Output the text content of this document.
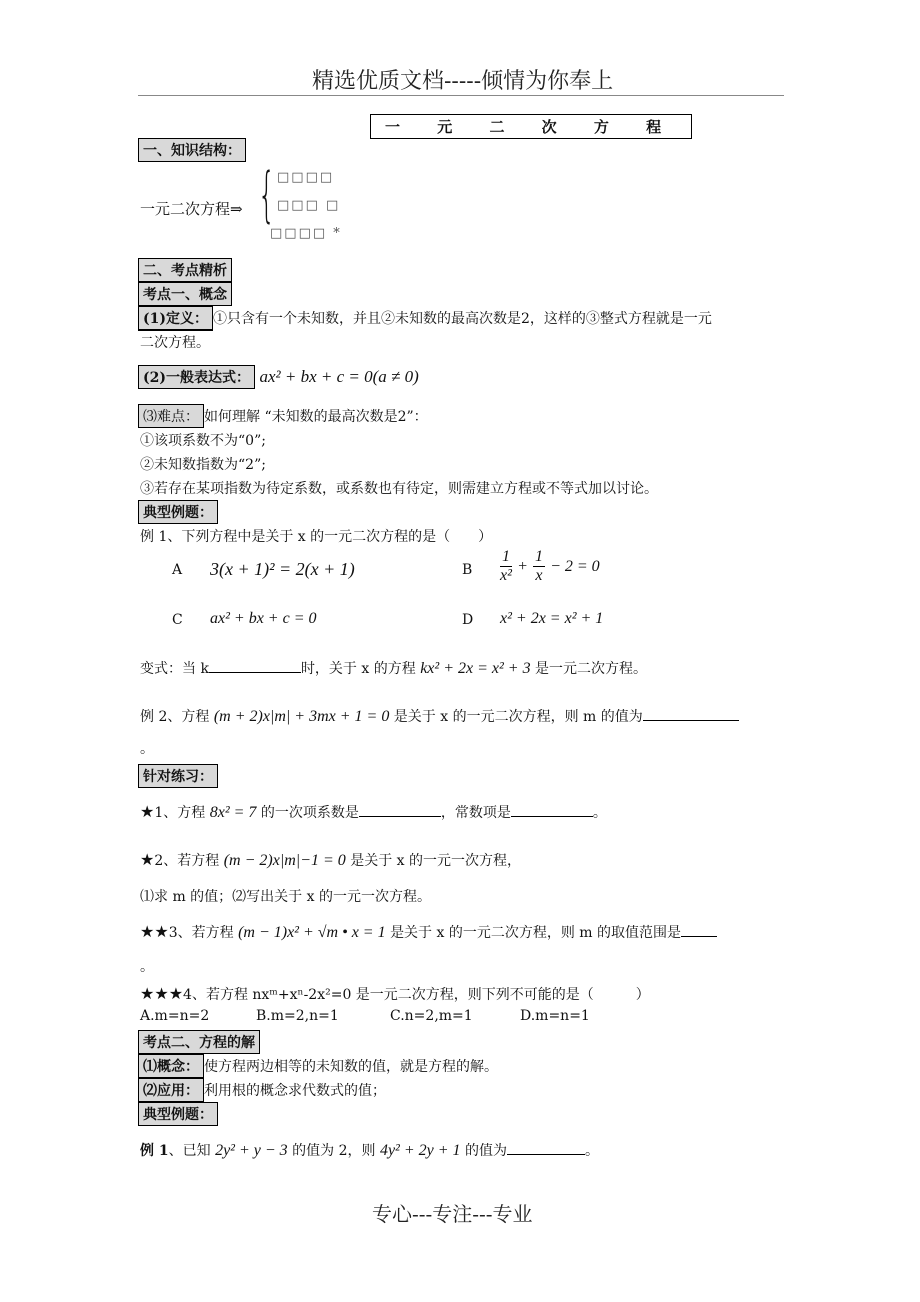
精选优质文档-----倾情为你奉上
一 元 二 次 方 程
一、知识结构：
一元二次方程⇒ { □□□□
□□□ □
□□□□ *
二、考点精析
考点一、概念
(1)定义： ①只含有一个未知数，并且②未知数的最高次数是2，这样的③整式方程就是一元
二次方程。
(2)一般表达式： ax² + bx + c = 0(a ≠ 0)
⑶难点： 如何理解 “未知数的最高次数是2”：
①该项系数不为“0”;
②未知数指数为“2”;
③若存在某项指数为待定系数，或系数也有待定，则需建立方程或不等式加以讨论。
典型例题：
例 1、下列方程中是关于 x 的一元二次方程的是（　　）
A 3(x + 1)² = 2(x + 1)	B $\frac{1}{\text{x²}} + \frac{1}{x} - 2 = 0$
C ax² + bx + c = 0	D x² + 2x = x² + 1
变式：当 k	时，关于 x 的方程 kx² + 2x = x² + 3 是一元二次方程。
例 2、方程 (m + 2)x|m| + 3mx + 1 = 0 是关于 x 的一元二次方程，则 m 的值为
。
针对练习：
★1、方程 8x² = 7 的一次项系数是	，常数项是	。
★2、若方程 (m − 2)x|m|−1 = 0 是关于 x 的一元一次方程，
⑴求 m 的值；⑵写出关于 x 的一元一次方程。
★★3、若方程 (m − 1)x² + √m • x = 1 是关于 x 的一元二次方程，则 m 的取值范围是
。
★★★4、若方程 nxᵐ+xⁿ-2x²=0 是一元二次方程，则下列不可能的是（　　　）
A.m=n=2	B.m=2,n=1	C.n=2,m=1	D.m=n=1
考点二、方程的解
⑴概念： 使方程两边相等的未知数的值，就是方程的解。
⑵应用： 利用根的概念求代数式的值；
典型例题：
例 1、已知 2y² + y − 3 的值为 2，则 4y² + 2y + 1 的值为	。
专心---专注---专业
